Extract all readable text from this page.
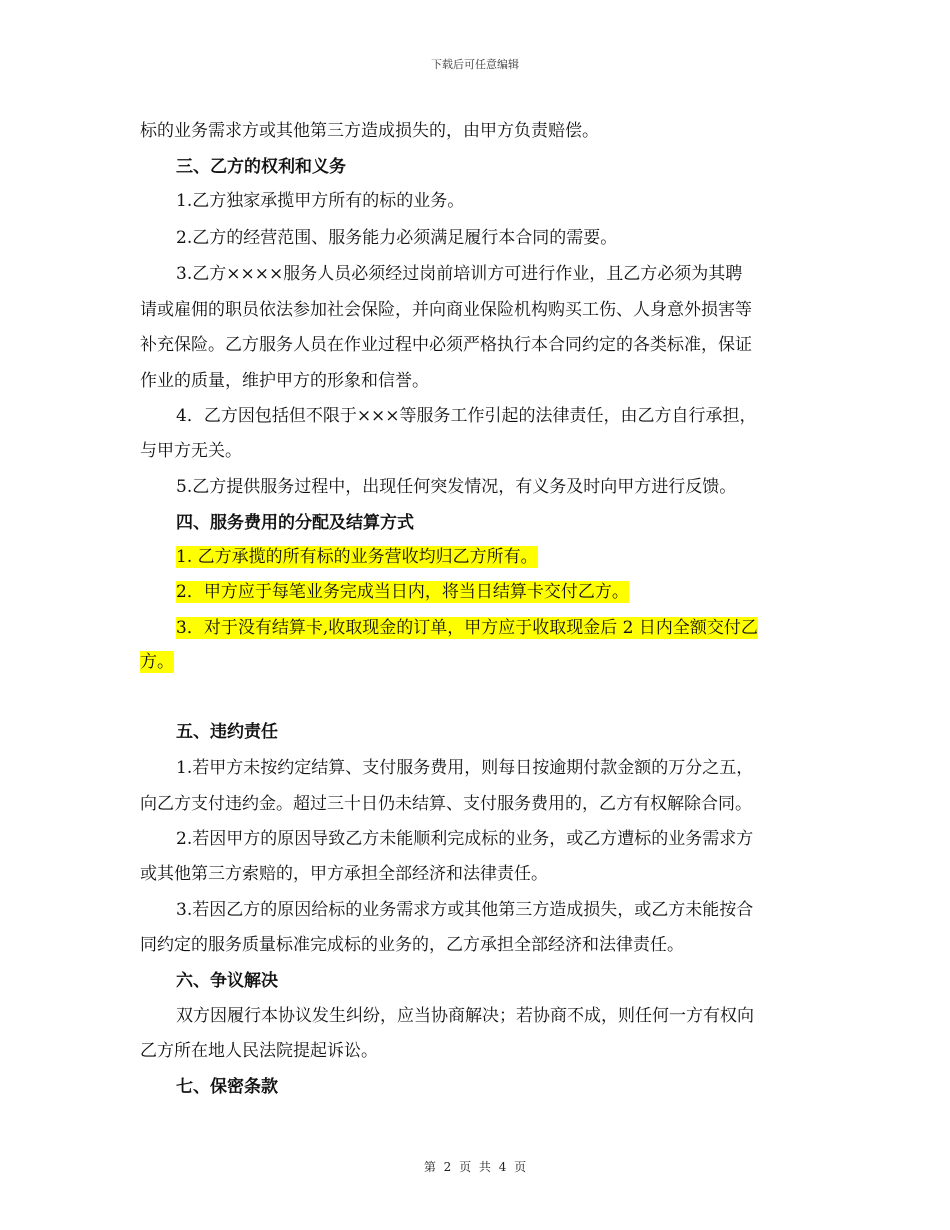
下载后可任意编辑
标的业务需求方或其他第三方造成损失的，由甲方负责赔偿。
三、乙方的权利和义务
1.乙方独家承揽甲方所有的标的业务。
2.乙方的经营范围、服务能力必须满足履行本合同的需要。
3.乙方××××服务人员必须经过岗前培训方可进行作业，且乙方必须为其聘
请或雇佣的职员依法参加社会保险，并向商业保险机构购买工伤、人身意外损害等
补充保险。乙方服务人员在作业过程中必须严格执行本合同约定的各类标准，保证
作业的质量，维护甲方的形象和信誉。
4．乙方因包括但不限于×××等服务工作引起的法律责任，由乙方自行承担，
与甲方无关。
5.乙方提供服务过程中，出现任何突发情况，有义务及时向甲方进行反馈。
四、服务费用的分配及结算方式
1. 乙方承揽的所有标的业务营收均归乙方所有。
2．甲方应于每笔业务完成当日内，将当日结算卡交付乙方。
3．对于没有结算卡,收取现金的订单，甲方应于收取现金后 2 日内全额交付乙
方。
五、违约责任
1.若甲方未按约定结算、支付服务费用，则每日按逾期付款金额的万分之五，
向乙方支付违约金。超过三十日仍未结算、支付服务费用的，乙方有权解除合同。
2.若因甲方的原因导致乙方未能顺利完成标的业务，或乙方遭标的业务需求方
或其他第三方索赔的，甲方承担全部经济和法律责任。
3.若因乙方的原因给标的业务需求方或其他第三方造成损失，或乙方未能按合
同约定的服务质量标准完成标的业务的，乙方承担全部经济和法律责任。
六、争议解决
双方因履行本协议发生纠纷，应当协商解决；若协商不成，则任何一方有权向
乙方所在地人民法院提起诉讼。
七、保密条款
第 2 页 共 4 页
